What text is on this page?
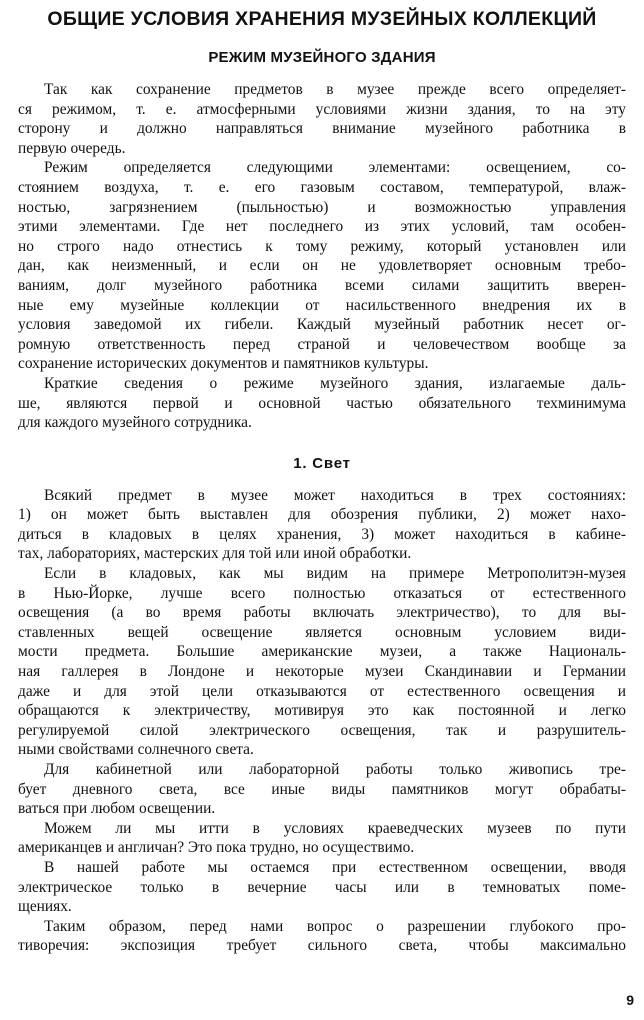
ОБЩИЕ УСЛОВИЯ ХРАНЕНИЯ МУЗЕЙНЫХ КОЛЛЕКЦИЙ
РЕЖИМ МУЗЕЙНОГО ЗДАНИЯ

Так как сохранение предметов в музее прежде всего определяет-
ся режимом, т. е. атмосферными условиями жизни здания, то на эту
сторону и должно направляться внимание музейного работника в
первую очередь.

Режим определяется следующими элементами: освещением, со-
стоянием воздуха, т. е. его газовым составом, температурой, влаж-
ностью, загрязнением (пыльностью) и возможностью управления
этими элементами. Где нет последнего из этих условий, там особен-
но строго надо отнестись к тому режиму, который установлен или
дан, как неизменный, и если он не удовлетворяет основным требо-
ваниям, долг музейного работника всеми силами защитить вверен-
ные ему музейные коллекции от насильственного внедрения их в
условия заведомой их гибели. Каждый музейный работник несет ог-
ромную ответственность перед страной и человечеством вообще за
сохранение исторических документов и памятников культуры.

Краткие сведения о режиме музейного здания, излагаемые даль-
ше, являются первой и основной частью обязательного техминимума
для каждого музейного сотрудника.

1. Свет

Всякий предмет в музее может находиться в трех состояниях:
1) он может быть выставлен для обозрения публики, 2) может нахо-
диться в кладовых в целях хранения, 3) может находиться в кабине-
тах, лабораториях, мастерских для той или иной обработки.

Если в кладовых, как мы видим на примере Метрополитэн-музея
в Нью-Йорке, лучше всего полностью отказаться от естественного
освещения (а во время работы включать электричество), то для вы-
ставленных вещей освещение является основным условием види-
мости предмета. Большие американские музеи, а также Националь-
ная галлерея в Лондоне и некоторые музеи Скандинавии и Германии
даже и для этой цели отказываются от естественного освещения и
обращаются к электричеству, мотивируя это как постоянной и легко
регулируемой силой электрического освещения, так и разрушитель-
ными свойствами солнечного света.

Для кабинетной или лабораторной работы только живопись тре-
бует дневного света, все иные виды памятников могут обрабаты-
ваться при любом освещении.

Можем ли мы итти в условиях краеведческих музеев по пути
американцев и англичан? Это пока трудно, но осуществимо.

В нашей работе мы остаемся при естественном освещении, вводя
электрическое только в вечерние часы или в темноватых поме-
щениях.

Таким образом, перед нами вопрос о разрешении глубокого про-
тиворечия: экспозиция требует сильного света, чтобы максимально

9
